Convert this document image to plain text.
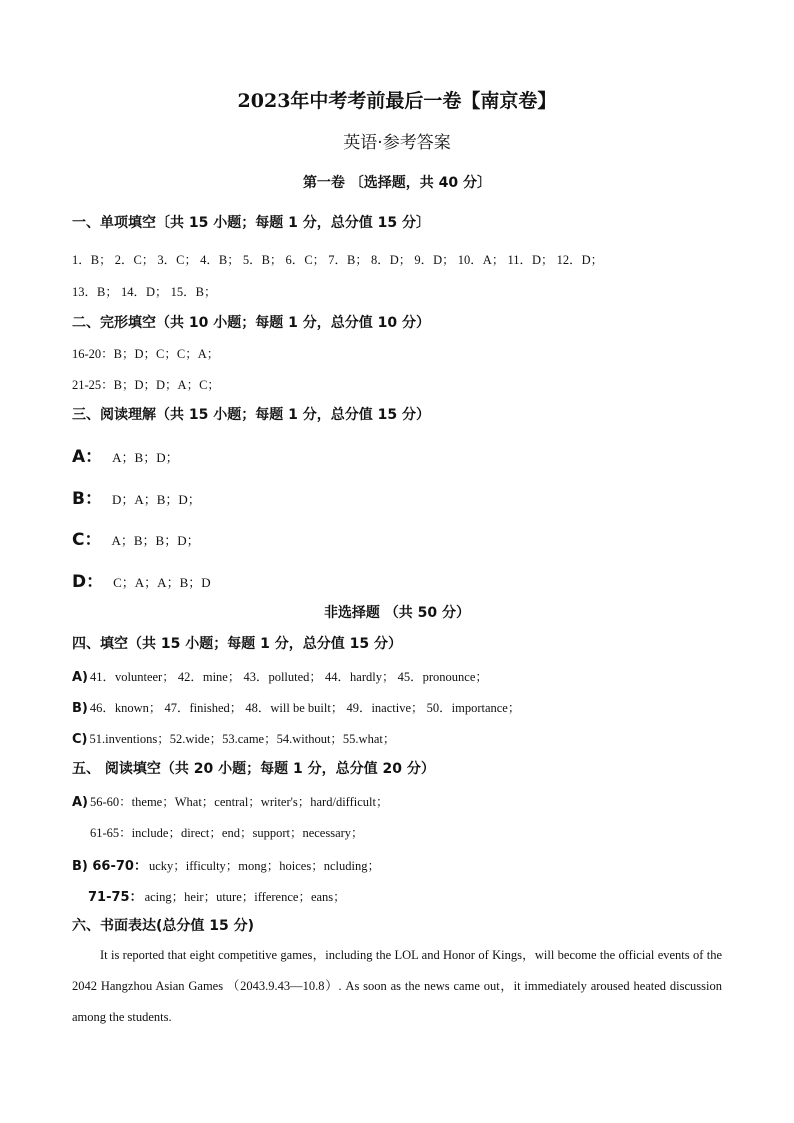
2023年中考考前最后一卷【南京卷】
英语·参考答案
第一卷 〔选择题，共 40 分〕
一、单项填空〔共 15 小题；每题 1 分，总分值 15 分〕
1．B； 2．C； 3．C； 4．B； 5．B； 6．C； 7．B； 8．D； 9．D； 10．A； 11．D； 12．D；
13．B； 14．D； 15．B；
二、完形填空（共 10 小题；每题 1 分，总分值 10 分）
16-20：B；D；C；C；A；
21-25：B；D；D；A；C；
三、阅读理解（共 15 小题；每题 1 分，总分值 15 分）
A： A；B；D；
B： D；A；B；D；
C： A；B；B；D；
D： C；A；A；B；D
非选择题 （共 50 分）
四、填空（共 15 小题；每题 1 分，总分值 15 分）
A) 41．volunteer； 42．mine； 43．polluted； 44．hardly； 45．pronounce；
B) 46．known； 47．finished； 48．will be built； 49．inactive； 50．importance；
C) 51.inventions；52.wide；53.came；54.without；55.what；
五、 阅读填空（共 20 小题；每题 1 分，总分值 20 分）
A) 56-60：theme；What；central；writer's；hard/difficult；
61-65：include；direct；end；support；necessary；
B) 66-70： ucky；ifficulty；mong；hoices；ncluding；
71-75： acing；heir；uture；ifference；eans；
六、书面表达(总分值 15 分)
It is reported that eight competitive games，including the LOL and Honor of Kings，will become the official events of the 2042 Hangzhou Asian Games （2043.9.43—10.8）. As soon as the news came out，it immediately aroused heated discussion among the students.
